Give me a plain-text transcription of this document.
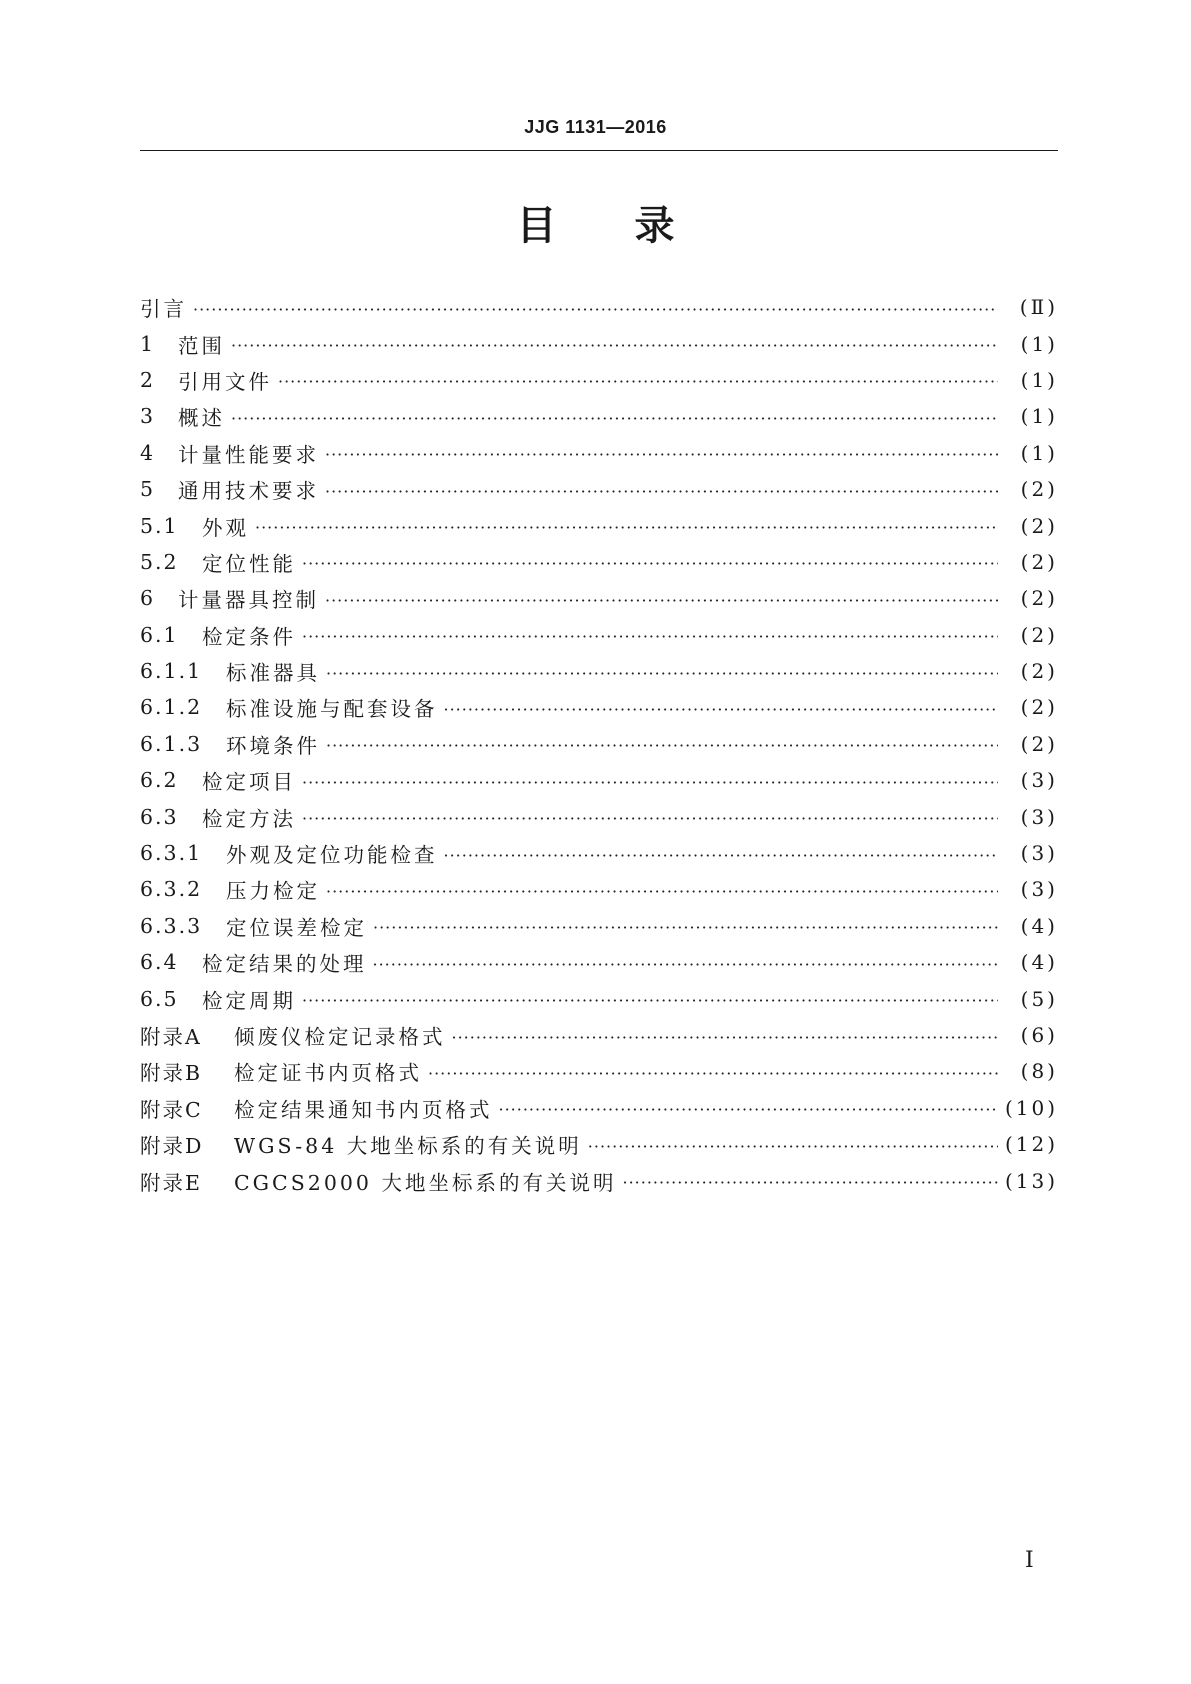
JJG 1131—2016
目 录
引言 ·····	(Ⅱ)
1	范围 ·····	(1)
2	引用文件 ·····	(1)
3	概述 ·····	(1)
4	计量性能要求 ·····	(1)
5	通用技术要求 ·····	(2)
5.1	外观 ·····	(2)
5.2	定位性能 ·····	(2)
6	计量器具控制 ·····	(2)
6.1	检定条件 ·····	(2)
6.1.1	标准器具 ·····	(2)
6.1.2	标准设施与配套设备 ·····	(2)
6.1.3	环境条件 ·····	(2)
6.2	检定项目 ·····	(3)
6.3	检定方法 ·····	(3)
6.3.1	外观及定位功能检查 ·····	(3)
6.3.2	压力检定 ·····	(3)
6.3.3	定位误差检定 ·····	(4)
6.4	检定结果的处理 ·····	(4)
6.5	检定周期 ·····	(5)
附录A	倾废仪检定记录格式 ·····	(6)
附录B	检定证书内页格式 ·····	(8)
附录C	检定结果通知书内页格式 ·····	(10)
附录D	WGS-84 大地坐标系的有关说明 ·····	(12)
附录E	CGCS2000 大地坐标系的有关说明 ·····	(13)
Ⅰ
